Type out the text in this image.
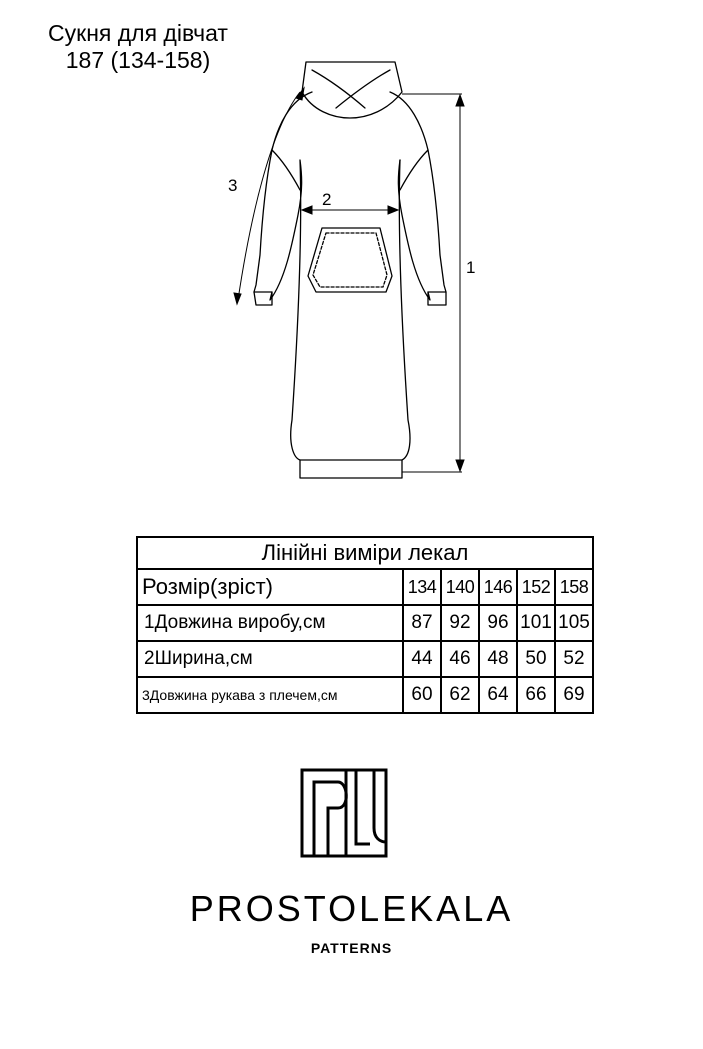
Сукня для дівчат
187 (134-158)
1
2
3
Лінійні виміри лекал					
Розмір(зріст)	134	140	146	152	158
1Довжина виробу,см	87	92	96	101	105
2Ширина,см	44	46	48	50	52
3Довжина рукава з плечем,см	60	62	64	66	69
PROSTOLEKALA
PATTERNS
